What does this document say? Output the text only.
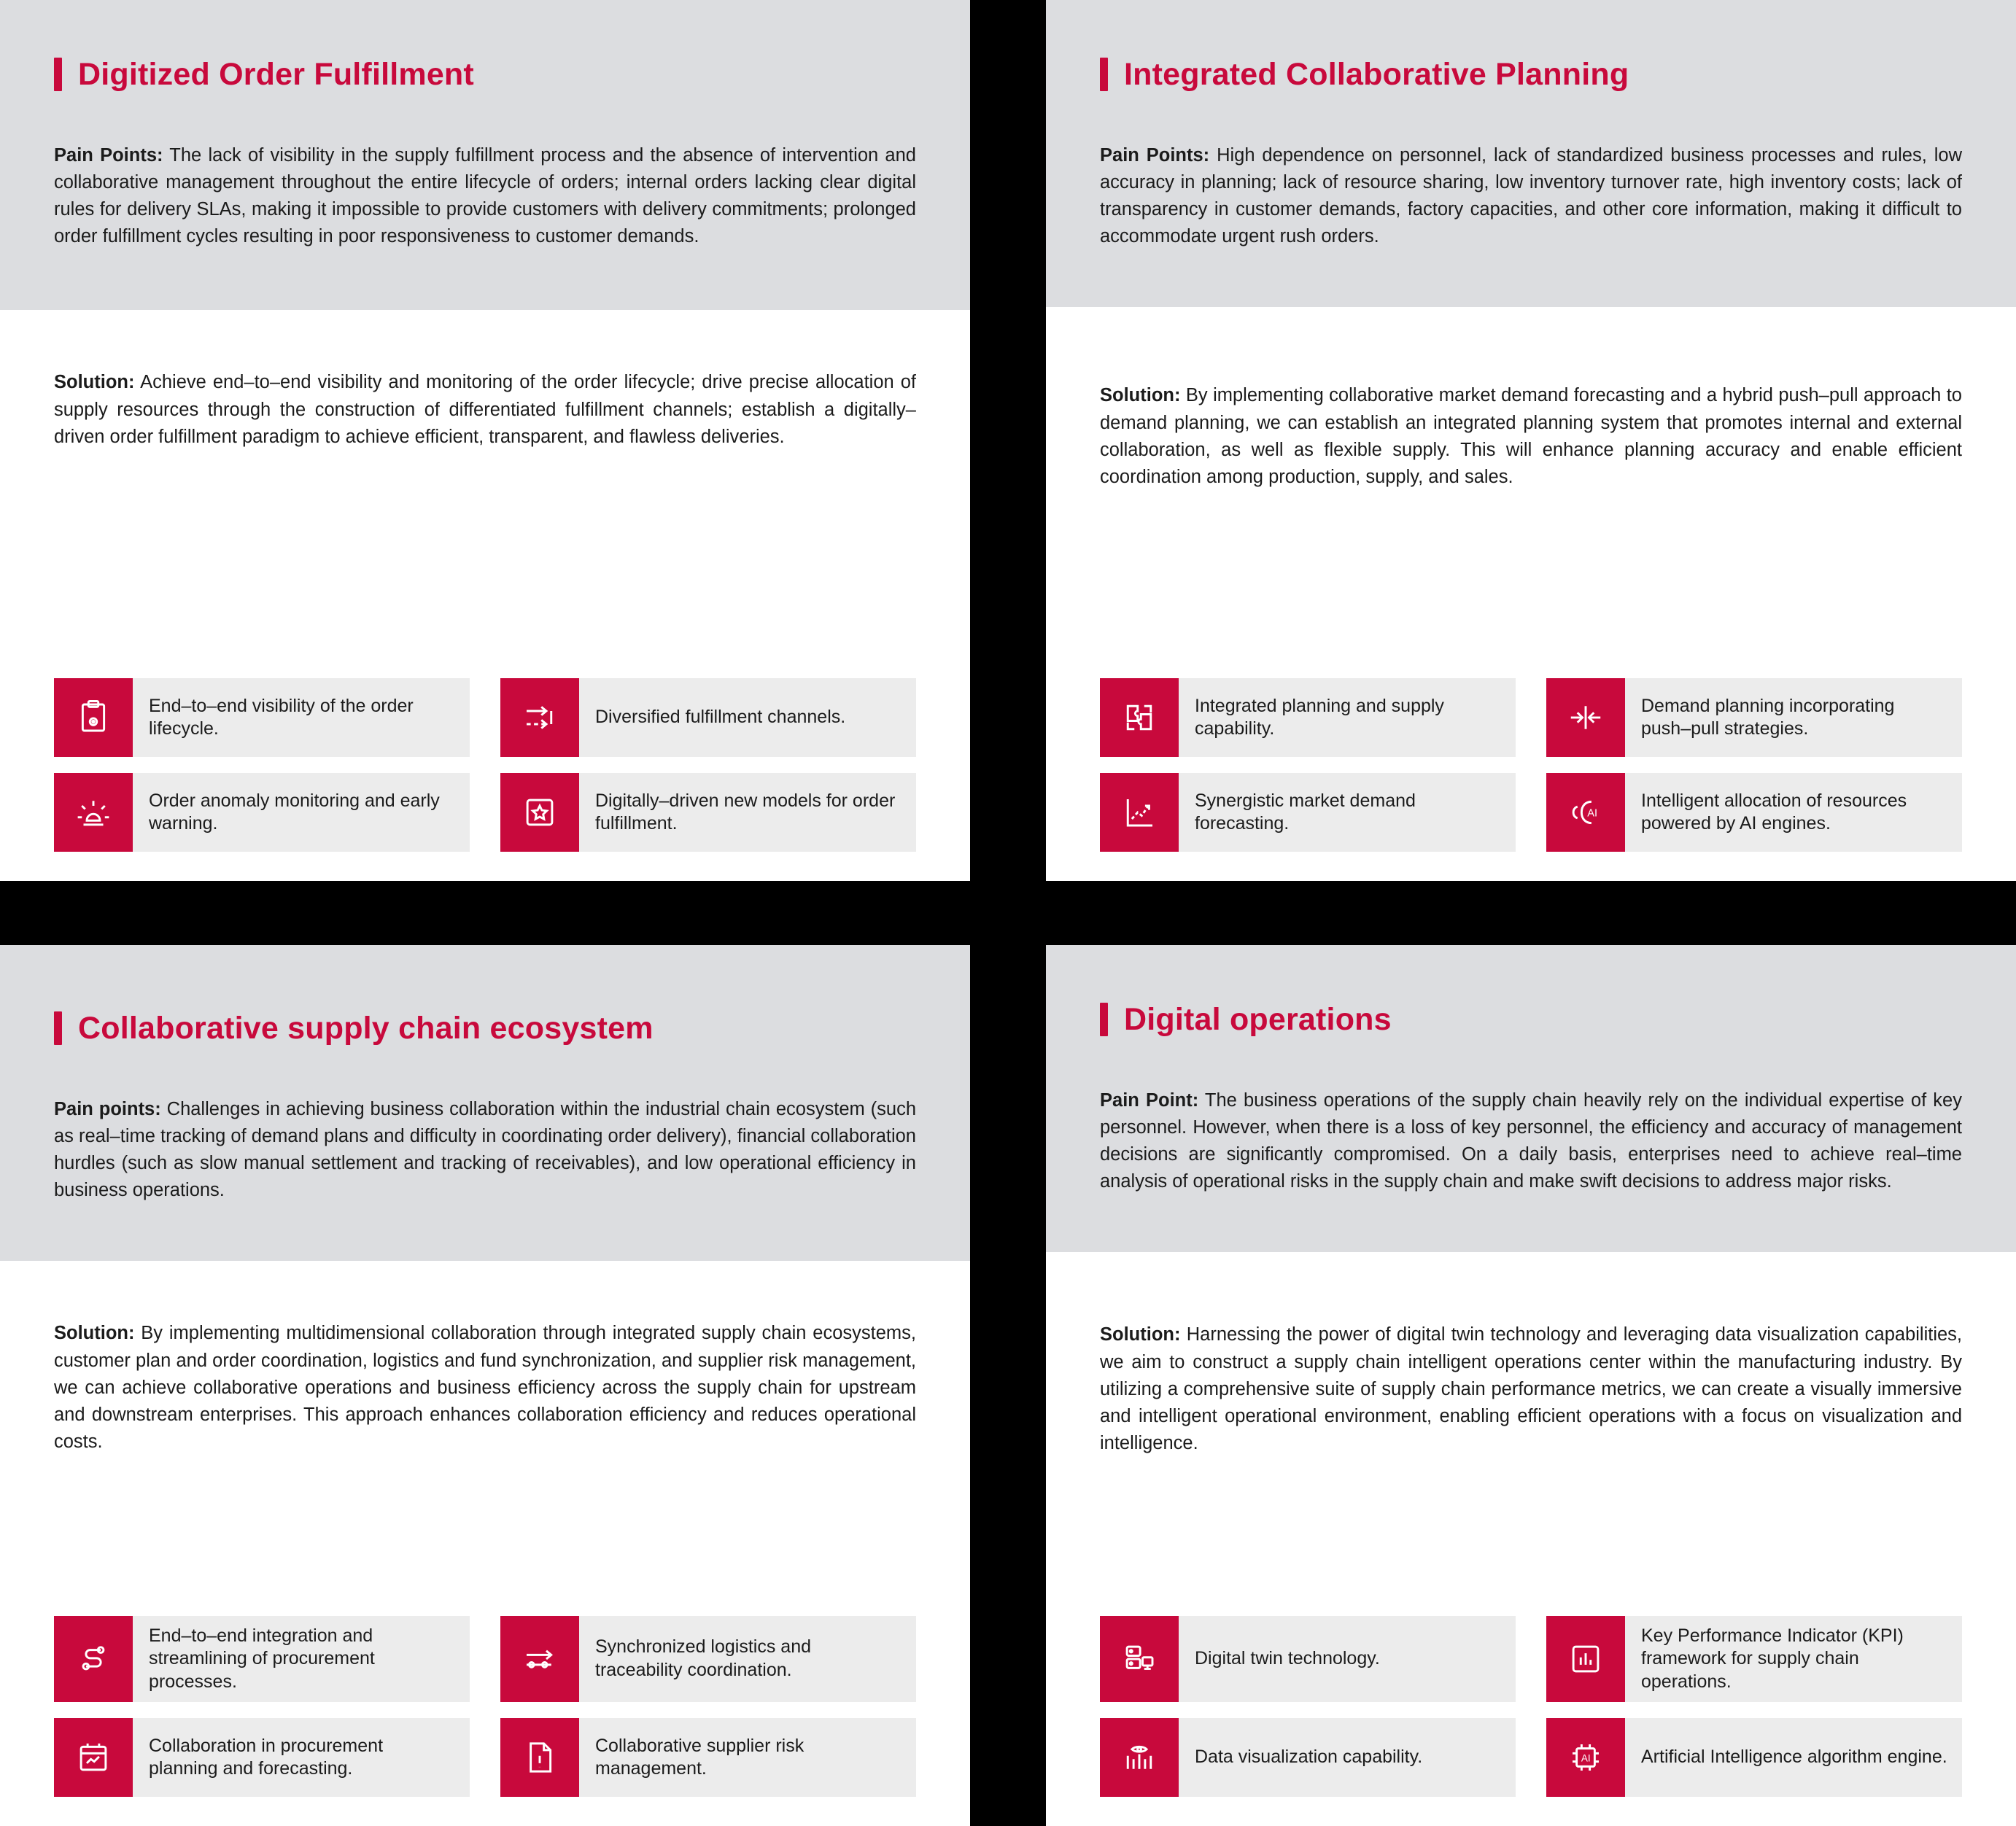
Digitized Order Fulfillment

Pain Points: The lack of visibility in the supply fulfillment process and the absence of intervention and collaborative management throughout the entire lifecycle of orders; internal orders lacking clear digital rules for delivery SLAs, making it impossible to provide customers with delivery commitments; prolonged order fulfillment cycles resulting in poor responsiveness to customer demands.

Solution: Achieve end–to–end visibility and monitoring of the order lifecycle; drive precise allocation of supply resources through the construction of differentiated fulfillment channels; establish a digitally–driven order fulfillment paradigm to achieve efficient, transparent, and flawless deliveries.

End–to–end visibility of the order lifecycle.
Diversified fulfillment channels.
Order anomaly monitoring and early warning.
Digitally–driven new models for order fulfillment.
Integrated Collaborative Planning

Pain Points: High dependence on personnel, lack of standardized business processes and rules, low accuracy in planning; lack of resource sharing, low inventory turnover rate, high inventory costs; lack of transparency in customer demands, factory capacities, and other core information, making it difficult to accommodate urgent rush orders.

Solution: By implementing collaborative market demand forecasting and a hybrid push–pull approach to demand planning, we can establish an integrated planning system that promotes internal and external collaboration, as well as flexible supply. This will enhance planning accuracy and enable efficient coordination among production, supply, and sales.

Integrated planning and supply capability.
Demand planning incorporating push–pull strategies.
Synergistic market demand forecasting.	AI
Intelligent allocation of resources powered by AI engines.
Collaborative supply chain ecosystem

Pain points: Challenges in achieving business collaboration within the industrial chain ecosystem (such as real–time tracking of demand plans and difficulty in coordinating order delivery), financial collaboration hurdles (such as slow manual settlement and tracking of receivables), and low operational efficiency in business operations.

Solution: By implementing multidimensional collaboration through integrated supply chain ecosystems, customer plan and order coordination, logistics and fund synchronization, and supplier risk management, we can achieve collaborative operations and business efficiency across the supply chain for upstream and downstream enterprises. This approach enhances collaboration efficiency and reduces operational costs.

End–to–end integration and streamlining of procurement processes.
Synchronized logistics and traceability coordination.
Collaboration in procurement planning and forecasting.
Collaborative supplier risk management.
Digital operations

Pain Point: The business operations of the supply chain heavily rely on the individual expertise of key personnel. However, when there is a loss of key personnel, the efficiency and accuracy of management decisions are significantly compromised. On a daily basis, enterprises need to achieve real–time analysis of operational risks in the supply chain and make swift decisions to address major risks.

Solution: Harnessing the power of digital twin technology and leveraging data visualization capabilities, we aim to construct a supply chain intelligent operations center within the manufacturing industry. By utilizing a comprehensive suite of supply chain performance metrics, we can create a visually immersive and intelligent operational environment, enabling efficient operations with a focus on visualization and intelligence.

Digital twin technology.
Key Performance Indicator (KPI) framework for supply chain operations.
Data visualization capability.	AI	Artificial Intelligence algorithm engine.
